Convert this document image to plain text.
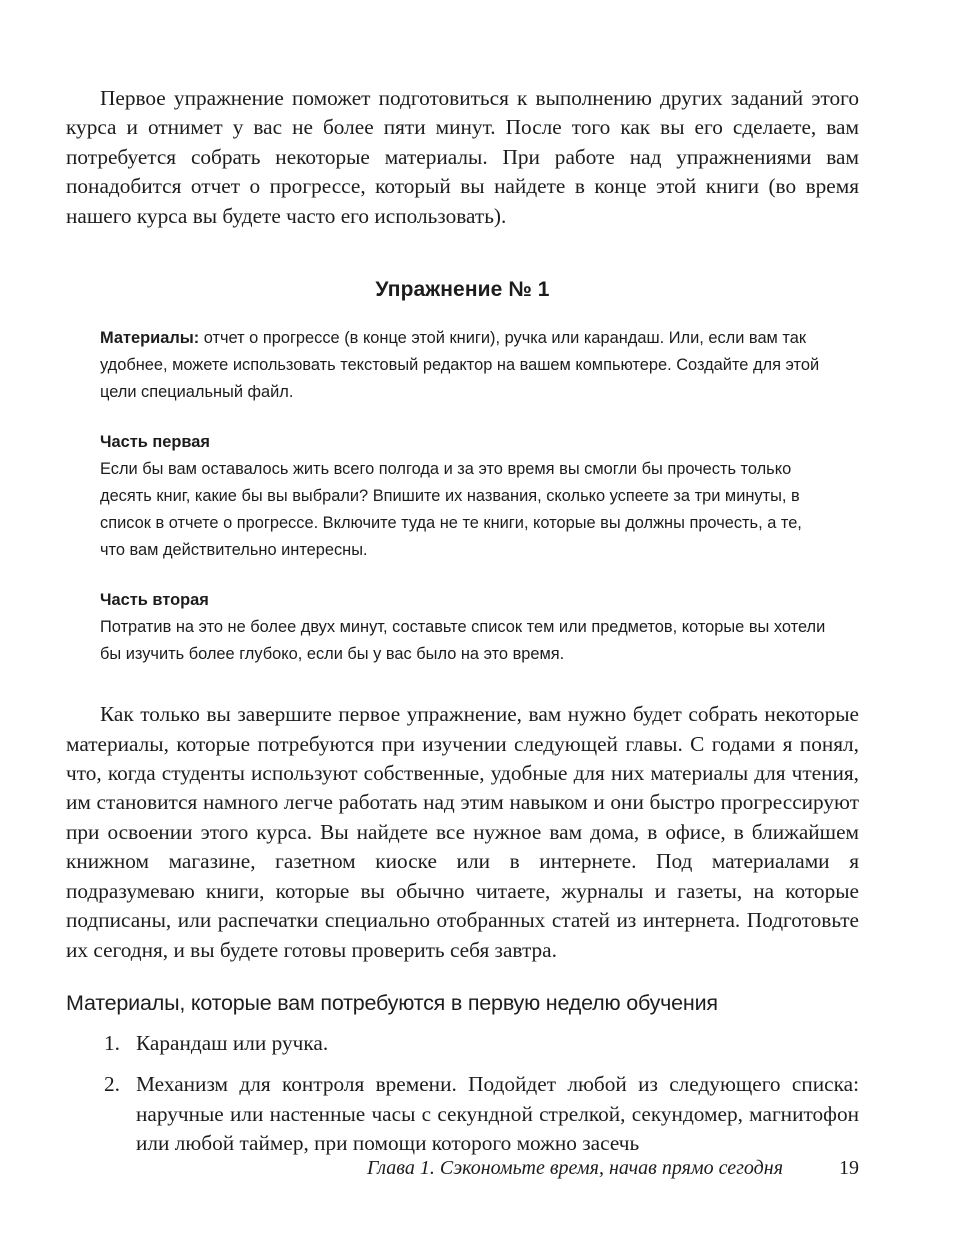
Первое упражнение поможет подготовиться к выполнению других заданий этого курса и отнимет у вас не более пяти минут. После того как вы его сделаете, вам потребуется собрать некоторые материалы. При работе над упражнениями вам понадобится отчет о прогрессе, который вы найдете в конце этой книги (во время нашего курса вы будете часто его использовать).

Упражнение № 1

Материалы: отчет о прогрессе (в конце этой книги), ручка или карандаш. Или, если вам так удобнее, можете использовать текстовый редактор на вашем компьютере. Создайте для этой цели специальный файл.

Часть первая
Если бы вам оставалось жить всего полгода и за это время вы смогли бы прочесть только десять книг, какие бы вы выбрали? Впишите их названия, сколько успеете за три минуты, в список в отчете о прогрессе. Включите туда не те книги, которые вы должны прочесть, а те, что вам действительно интересны.

Часть вторая
Потратив на это не более двух минут, составьте список тем или предметов, которые вы хотели бы изучить более глубоко, если бы у вас было на это время.

Как только вы завершите первое упражнение, вам нужно будет собрать некоторые материалы, которые потребуются при изучении следующей главы. С годами я понял, что, когда студенты используют собственные, удобные для них материалы для чтения, им становится намного легче работать над этим навыком и они быстро прогрессируют при освоении этого курса. Вы найдете все нужное вам дома, в офисе, в ближайшем книжном магазине, газетном киоске или в интернете. Под материалами я подразумеваю книги, которые вы обычно читаете, журналы и газеты, на которые подписаны, или распечатки специально отобранных статей из интернета. Подготовьте их сегодня, и вы будете готовы проверить себя завтра.

Материалы, которые вам потребуются в первую неделю обучения
1. Карандаш или ручка.
2. Механизм для контроля времени. Подойдет любой из следующего списка: наручные или настенные часы с секундной стрелкой, секундомер, магнитофон или любой таймер, при помощи которого можно засечь
Глава 1. Сэкономьте время, начав прямо сегодня	19
